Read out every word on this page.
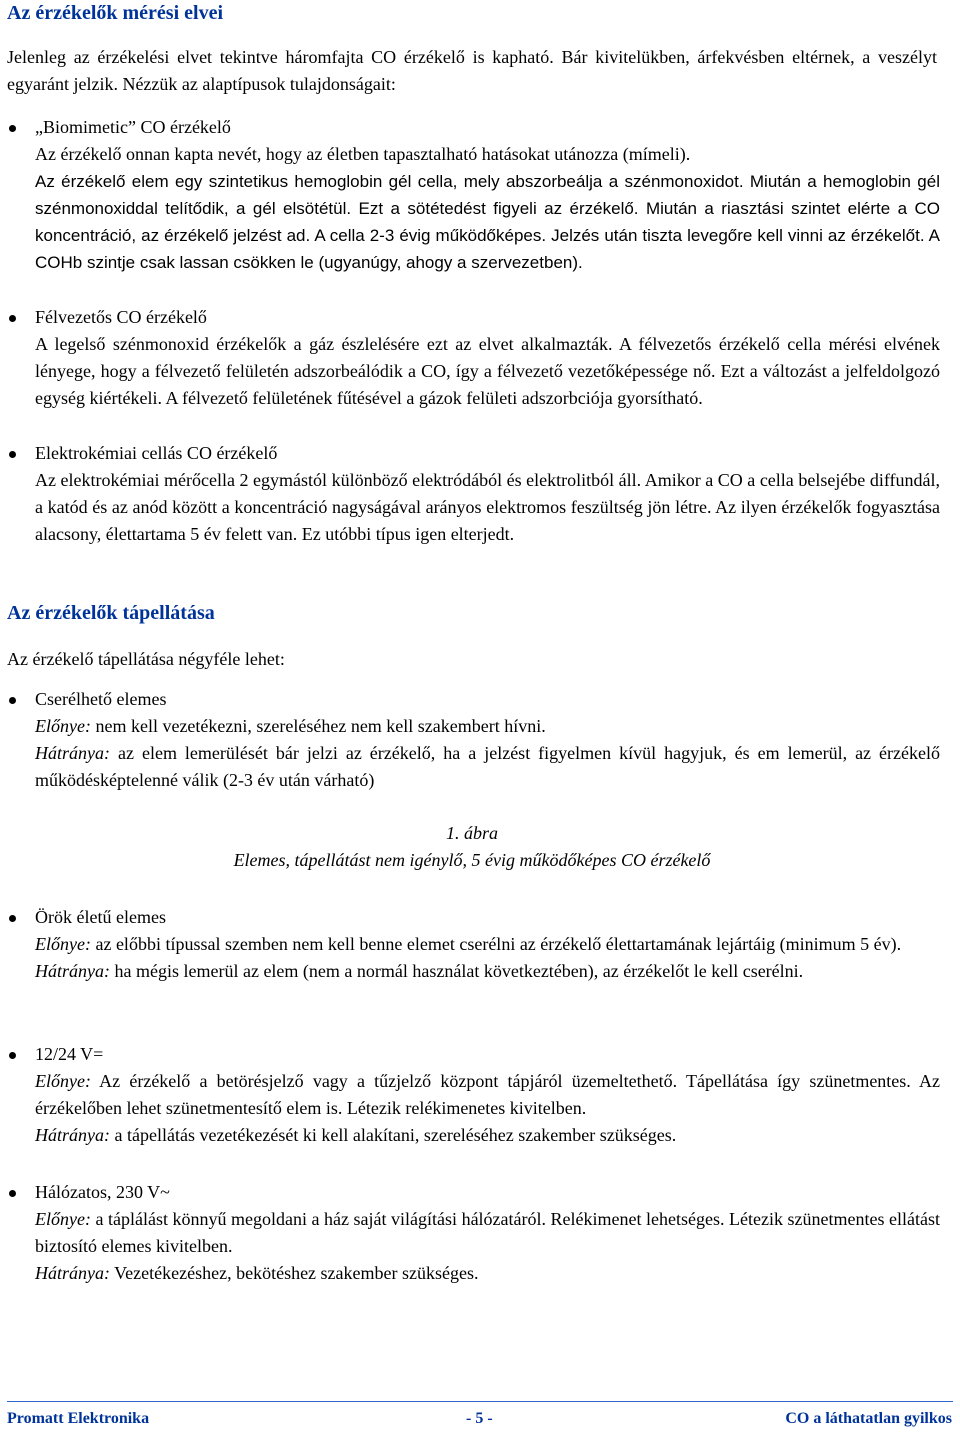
Az érzékelők mérési elvei
Jelenleg az érzékelési elvet tekintve háromfajta CO érzékelő is kapható. Bár kivitelükben, árfekvésben eltérnek, a veszélyt egyaránt jelzik. Nézzük az alaptípusok tulajdonságait:
„Biomimetic” CO érzékelő
Az érzékelő onnan kapta nevét, hogy az életben tapasztalható hatásokat utánozza (mímeli).
Az érzékelő elem egy szintetikus hemoglobin gél cella, mely abszorbeálja a szénmonoxidot. Miután a hemoglobin gél szénmonoxiddal telítődik, a gél elsötétül. Ezt a sötétedést figyeli az érzékelő. Miután a riasztási szintet elérte a CO koncentráció, az érzékelő jelzést ad. A cella 2-3 évig működőképes. Jelzés után tiszta levegőre kell vinni az érzékelőt. A COHb szintje csak lassan csökken le (ugyanúgy, ahogy a szervezetben).
Félvezetős CO érzékelő
A legelső szénmonoxid érzékelők a gáz észlelésére ezt az elvet alkalmazták. A félvezetős érzékelő cella mérési elvének lényege, hogy a félvezető felületén adszorbeálódik a CO, így a félvezető vezetőképessége nő. Ezt a változást a jelfeldolgozó egység kiértékeli. A félvezető felületének fűtésével a gázok felületi adszorbciója gyorsítható.
Elektrokémiai cellás CO érzékelő
Az elektrokémiai mérőcella 2 egymástól különböző elektródából és elektrolitból áll. Amikor a CO a cella belsejébe diffundál, a katód és az anód között a koncentráció nagyságával arányos elektromos feszültség jön létre. Az ilyen érzékelők fogyasztása alacsony, élettartama 5 év felett van. Ez utóbbi típus igen elterjedt.
Az érzékelők tápellátása
Az érzékelő tápellátása négyféle lehet:
Cserélhető elemes
Előnye: nem kell vezetékezni, szereléséhez nem kell szakembert hívni.
Hátránya: az elem lemerülését bár jelzi az érzékelő, ha a jelzést figyelmen kívül hagyjuk, és em lemerül, az érzékelő működésképtelenné válik (2-3 év után várható)
1. ábra
Elemes, tápellátást nem igénylő, 5 évig működőképes CO érzékelő
Örök életű elemes
Előnye: az előbbi típussal szemben nem kell benne elemet cserélni az érzékelő élettartamának lejártáig (minimum 5 év).
Hátránya: ha mégis lemerül az elem (nem a normál használat következtében), az érzékelőt le kell cserélni.
12/24 V=
Előnye: Az érzékelő a betörésjelző vagy a tűzjelző központ tápjáról üzemeltethető. Tápellátása így szünetmentes. Az érzékelőben lehet szünetmentesítő elem is. Létezik relékimenetes kivitelben.
Hátránya: a tápellátás vezetékezését ki kell alakítani, szereléséhez szakember szükséges.
Hálózatos, 230 V~
Előnye: a táplálást könnyű megoldani a ház saját világítási hálózatáról. Relékimenet lehetséges. Létezik szünetmentes ellátást biztosító elemes kivitelben.
Hátránya: Vezetékezéshez, bekötéshez szakember szükséges.
Promatt Elektronika	- 5 -	CO a láthatatlan gyilkos
